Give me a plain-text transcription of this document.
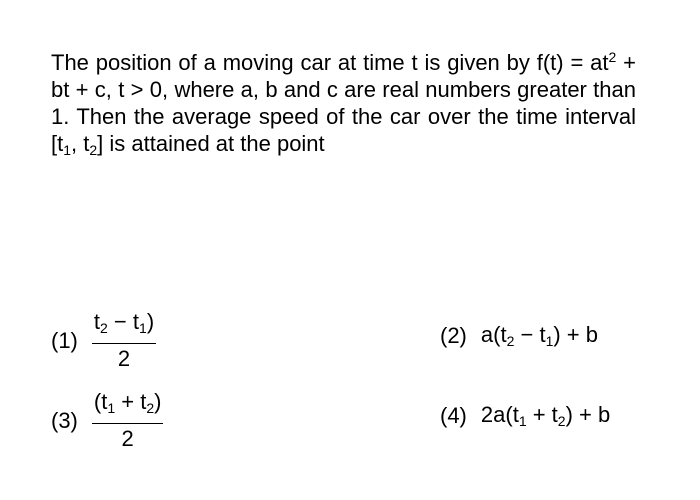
The position of a moving car at time t is given by $f(t) = at^2$ + bt + c, t > 0, where a, b and c are real numbers greater than 1. Then the average speed of the car over the time interval [$t_1$, $t_2$] is attained at the point
$(1) \frac{t_2 - t_1)}{2}$	(2) $a(t_2 - t_1) + b$
$(3) \frac{(t_1 + t_2)}{2}$	(4) $2a(t_1 + t_2) + b$
